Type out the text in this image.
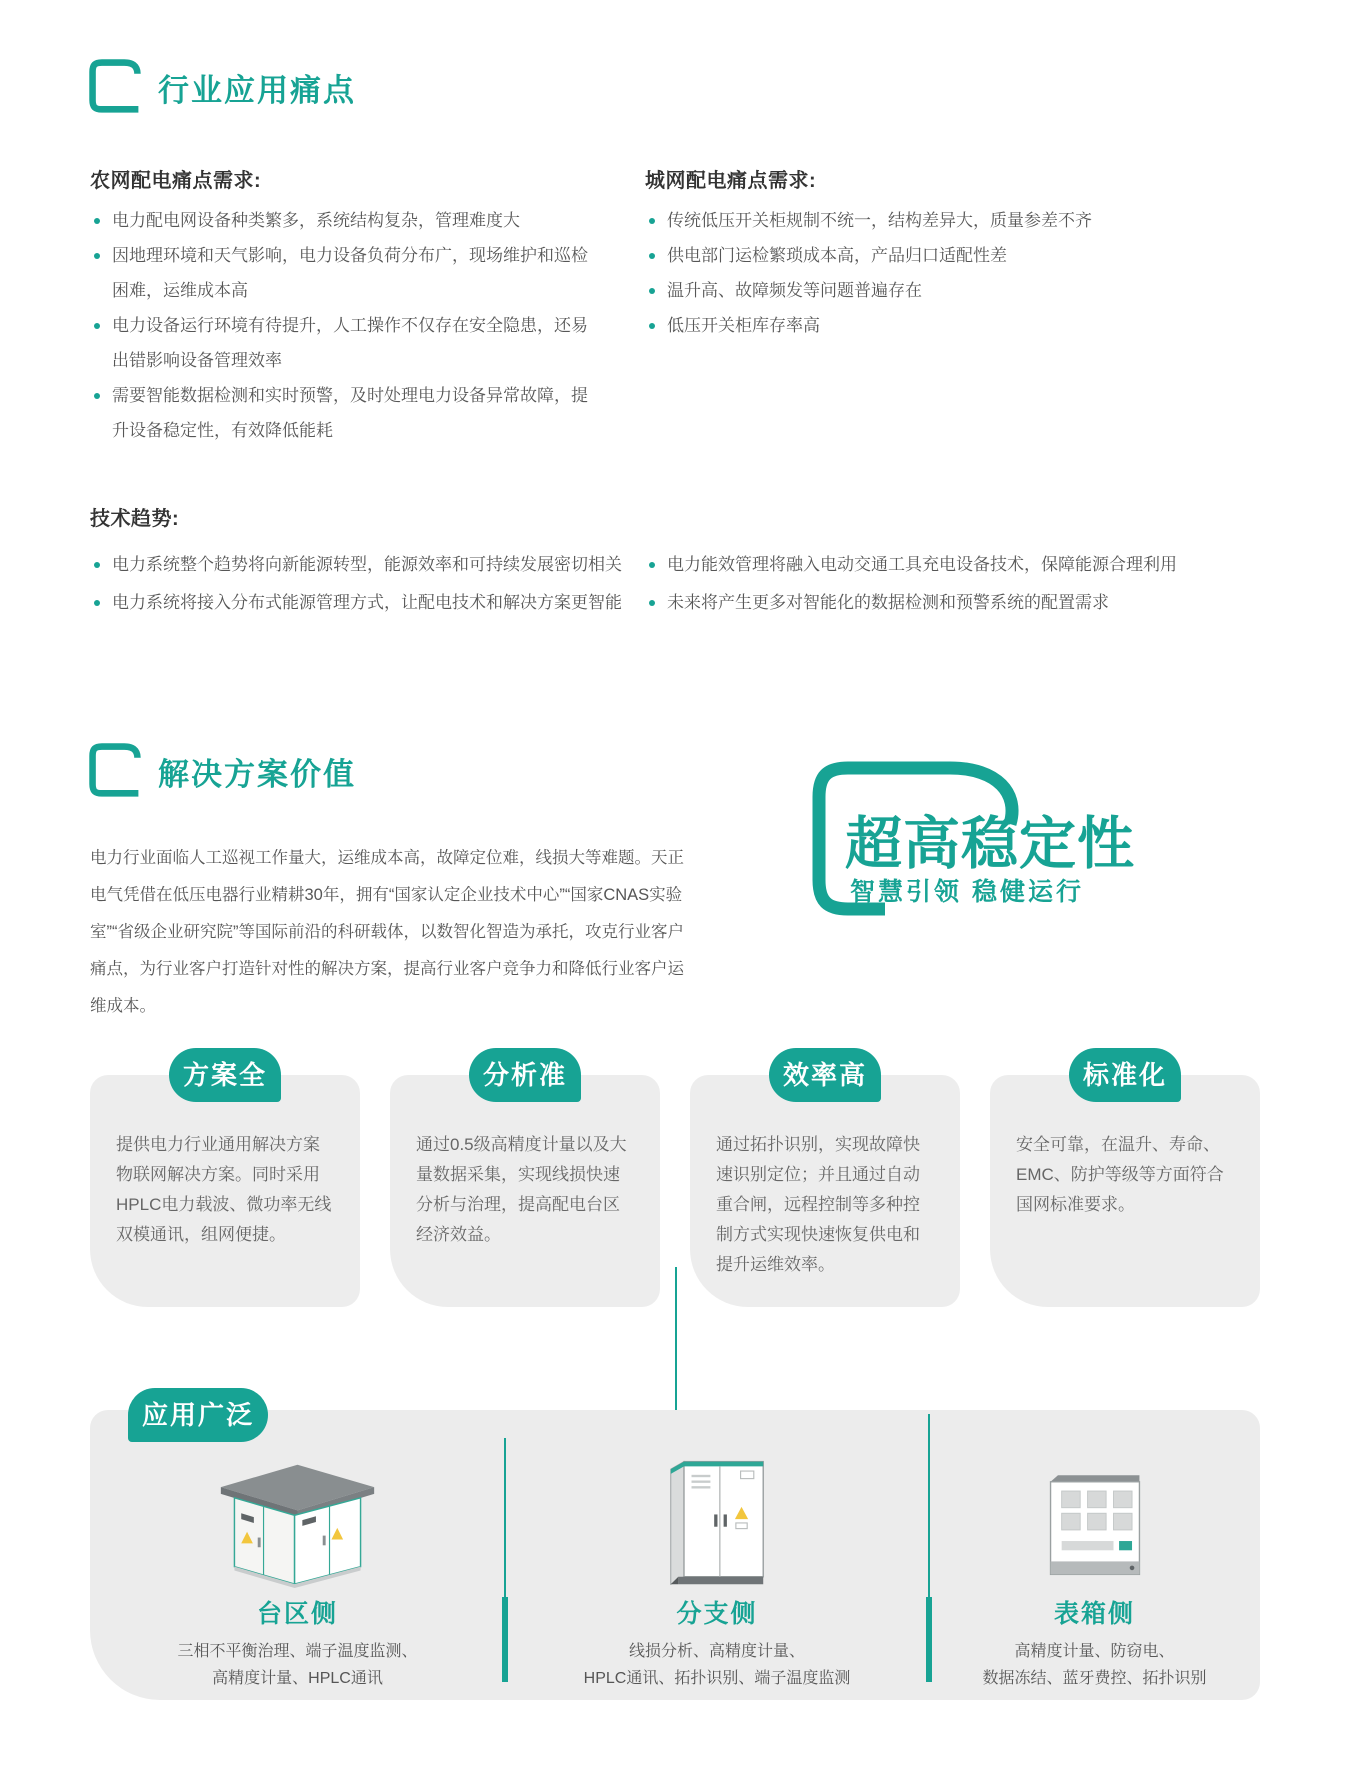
行业应用痛点
农网配电痛点需求:
电力配电网设备种类繁多，系统结构复杂，管理难度大
因地理环境和天气影响，电力设备负荷分布广，现场维护和巡检困难，运维成本高
电力设备运行环境有待提升，人工操作不仅存在安全隐患，还易出错影响设备管理效率
需要智能数据检测和实时预警，及时处理电力设备异常故障，提升设备稳定性，有效降低能耗
城网配电痛点需求:
传统低压开关柜规制不统一，结构差异大，质量参差不齐
供电部门运检繁琐成本高，产品归口适配性差
温升高、故障频发等问题普遍存在
低压开关柜库存率高
技术趋势:
电力系统整个趋势将向新能源转型，能源效率和可持续发展密切相关
电力系统将接入分布式能源管理方式，让配电技术和解决方案更智能
电力能效管理将融入电动交通工具充电设备技术，保障能源合理利用
未来将产生更多对智能化的数据检测和预警系统的配置需求
解决方案价值
电力行业面临人工巡视工作量大，运维成本高，故障定位难，线损大等难题。天正电气凭借在低压电器行业精耕30年，拥有“国家认定企业技术中心”“国家CNAS实验室”“省级企业研究院”等国际前沿的科研载体，以数智化智造为承托，攻克行业客户痛点，为行业客户打造针对性的解决方案，提高行业客户竞争力和降低行业客户运维成本。
超高稳定性
智慧引领 稳健运行
方案全
提供电力行业通用解决方案物联网解决方案。同时采用HPLC电力载波、微功率无线双模通讯，组网便捷。
分析准
通过0.5级高精度计量以及大量数据采集，实现线损快速分析与治理，提高配电台区经济效益。
效率高
通过拓扑识别，实现故障快速识别定位；并且通过自动重合闸，远程控制等多种控制方式实现快速恢复供电和提升运维效率。
标准化
安全可靠，在温升、寿命、EMC、防护等级等方面符合国网标准要求。
应用广泛
台区侧
三相不平衡治理、端子温度监测、
高精度计量、HPLC通讯
分支侧
线损分析、高精度计量、
HPLC通讯、拓扑识别、端子温度监测
表箱侧
高精度计量、防窃电、
数据冻结、蓝牙费控、拓扑识别
